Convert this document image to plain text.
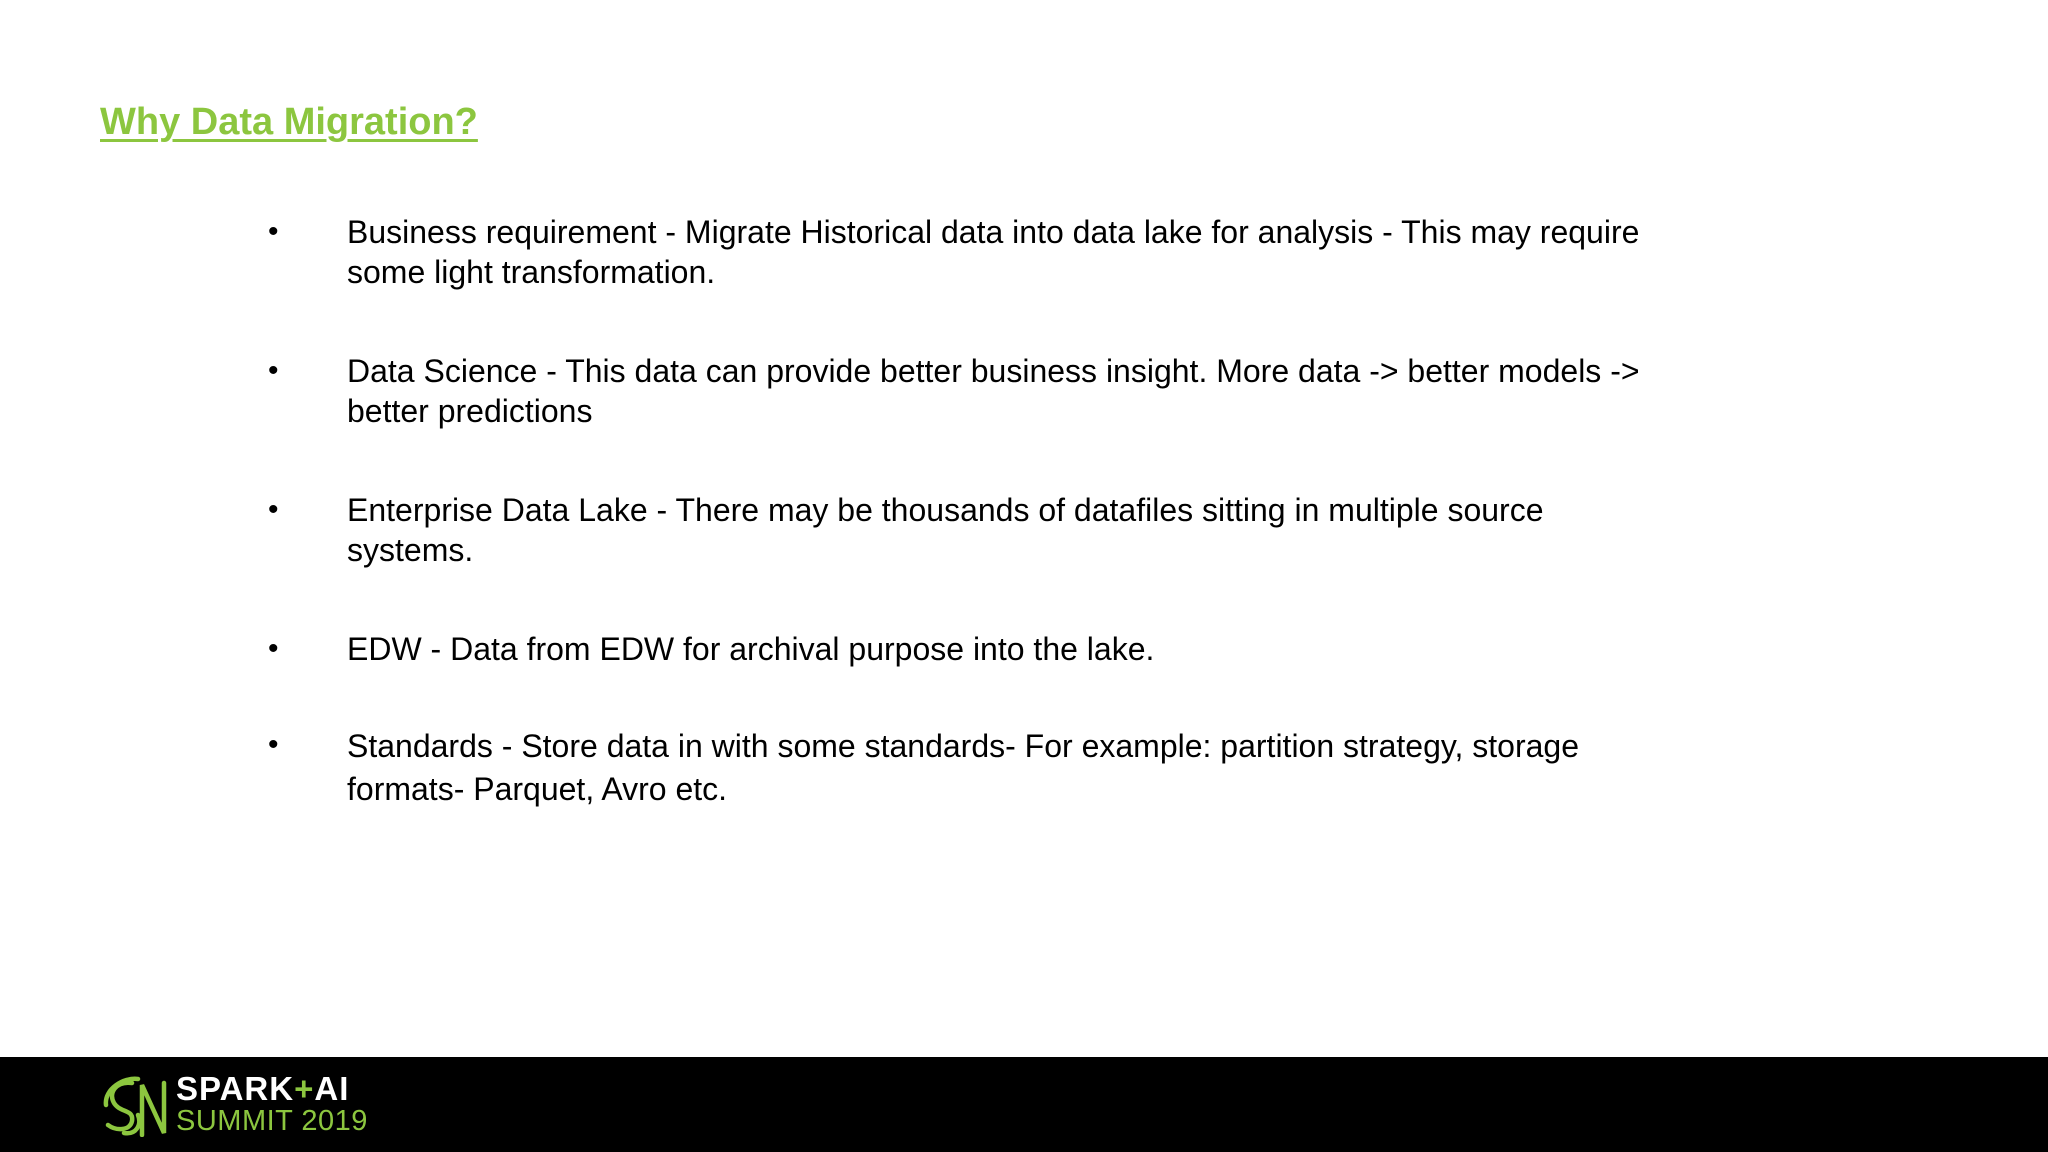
Why Data Migration?
• Business requirement - Migrate Historical data into data lake for analysis - This may require some light transformation.
• Data Science - This data can provide better business insight. More data -> better models -> better predictions
• Enterprise Data Lake - There may be thousands of datafiles sitting in multiple source systems.
• EDW - Data from EDW for archival purpose into the lake.
• Standards - Store data in with some standards- For example: partition strategy, storage formats- Parquet, Avro etc.
SPARK+AI
SUMMIT 2019
